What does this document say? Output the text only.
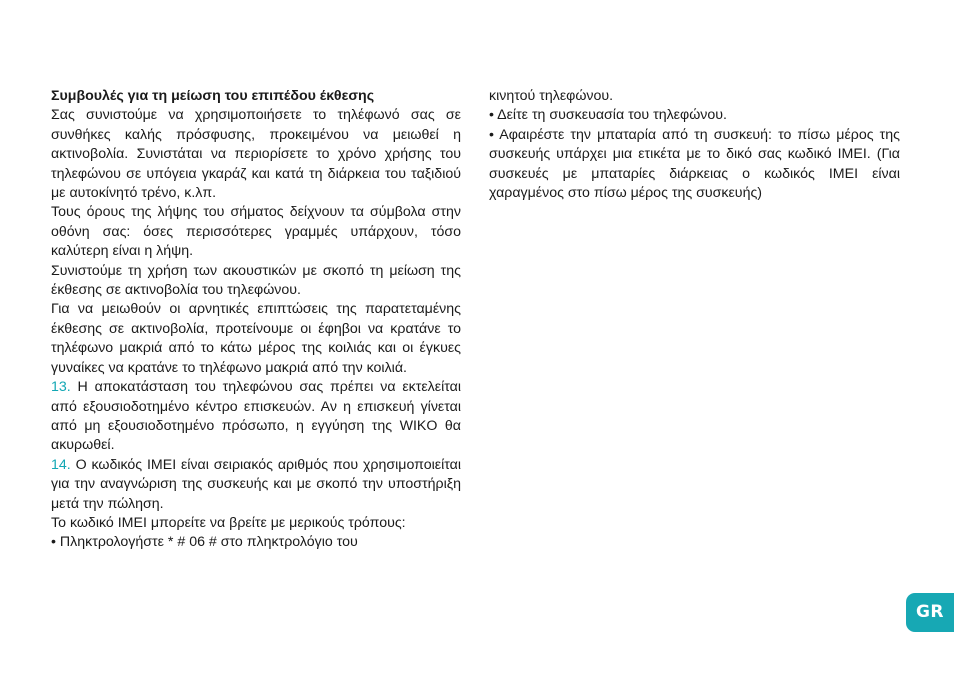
Συμβουλές για τη μείωση του επιπέδου έκθεσης

Σας συνιστούμε να χρησιμοποιήσετε το τηλέφωνό σας σε συνθήκες καλής πρόσφυσης, προκειμένου να μειωθεί η ακτινοβολία. Συνιστάται να περιορίσετε το χρόνο χρήσης του τηλεφώνου σε υπόγεια γκαράζ και κατά τη διάρκεια του ταξιδιού με αυτοκίνητό τρένο, κ.λπ.

Τους όρους της λήψης του σήματος δείχνουν τα σύμβολα στην οθόνη σας: όσες περισσότερες γραμμές υπάρχουν, τόσο καλύτερη είναι η λήψη.

Συνιστούμε τη χρήση των ακουστικών με σκοπό τη μείωση της έκθεσης σε ακτινοβολία του τηλεφώνου.

Για να μειωθούν οι αρνητικές επιπτώσεις της παρατεταμένης έκθεσης σε ακτινοβολία, προτείνουμε οι έφηβοι να κρατάνε το τηλέφωνο μακριά από το κάτω μέρος της κοιλιάς και οι έγκυες γυναίκες να κρατάνε το τηλέφωνο μακριά από την κοιλιά.

13. Η αποκατάσταση του τηλεφώνου σας πρέπει να εκτελείται από εξουσιοδοτημένο κέντρο επισκευών. Αν η επισκευή γίνεται από μη εξουσιοδοτημένο πρόσωπο, η εγγύηση της WIKO θα ακυρωθεί.

14. Ο κωδικός IMEI είναι σειριακός αριθμός που χρησιμοποιείται για την αναγνώριση της συσκευής και με σκοπό την υποστήριξη μετά την πώληση.

Το κωδικό IMEI μπορείτε να βρείτε με μερικούς τρόπους:

• Πληκτρολογήστε * # 06 # στο πληκτρολόγιο του

κινητού τηλεφώνου.

• Δείτε τη συσκευασία του τηλεφώνου.

• Αφαιρέστε την μπαταρία από τη συσκευή: το πίσω μέρος της συσκευής υπάρχει μια ετικέτα με το δικό σας κωδικό IMEI. (Για συσκευές με μπαταρίες διάρκειας ο κωδικός IMEI είναι χαραγμένος στο πίσω μέρος της συσκευής)

GR
